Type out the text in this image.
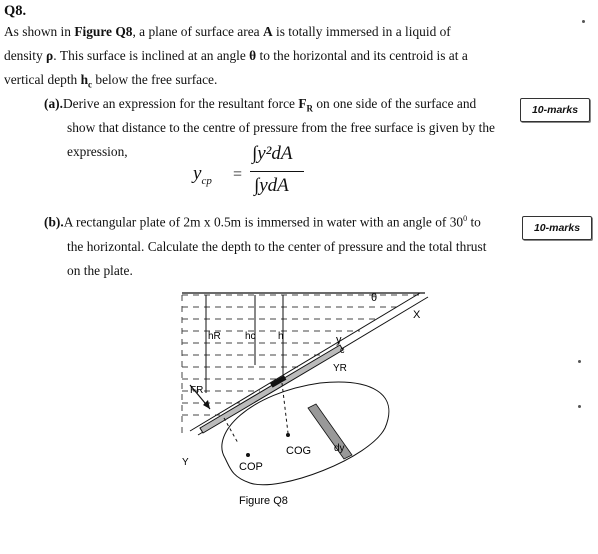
Q8.
As shown in Figure Q8, a plane of surface area A is totally immersed in a liquid of
density ρ. This surface is inclined at an angle θ to the horizontal and its centroid is at a
vertical depth $h_c$ below the free surface.
(a).Derive an expression for the resultant force $F_R$ on one side of the surface and
show that distance to the centre of pressure from the free surface is given by the
expression,
10-marks
$y_{cp}$ =
∫y²dA
∫ydA
(b).A rectangular plate of 2m x 0.5m is immersed in water with an angle of $30^0$ to
the horizontal. Calculate the depth to the center of pressure and the total thrust
on the plate.
10-marks
hR hc h
FR
θ
X
Y
y
c
YR
COG
COP
dy
Figure Q8
